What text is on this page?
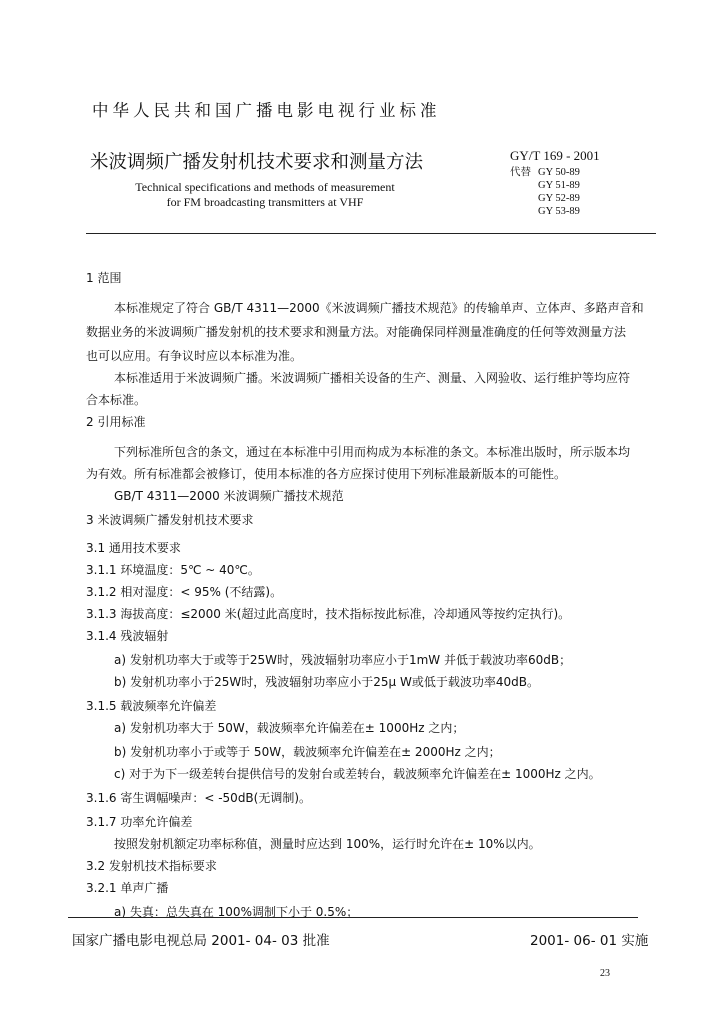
中华人民共和国广播电影电视行业标准
米波调频广播发射机技术要求和测量方法
Technical specifications and methods of measurement
for FM broadcasting transmitters at VHF
GY/T 169 - 2001
代替 GY 50-89
GY 51-89
GY 52-89
GY 53-89
1 范围
本标准规定了符合 GB/T 4311—2000《米波调频广播技术规范》的传输单声、立体声、多路声音和
数据业务的米波调频广播发射机的技术要求和测量方法。对能确保同样测量准确度的任何等效测量方法
也可以应用。有争议时应以本标准为准。
本标准适用于米波调频广播。米波调频广播相关设备的生产、测量、入网验收、运行维护等均应符
合本标准。
2 引用标准
下列标准所包含的条文，通过在本标准中引用而构成为本标准的条文。本标准出版时，所示版本均
为有效。所有标准都会被修订，使用本标准的各方应探讨使用下列标准最新版本的可能性。
GB/T 4311—2000 米波调频广播技术规范
3 米波调频广播发射机技术要求
3.1 通用技术要求
3.1.1 环境温度：5℃ ~ 40℃。
3.1.2 相对湿度：< 95% (不结露)。
3.1.3 海拔高度：≤2000 米(超过此高度时，技术指标按此标准，冷却通风等按约定执行)。
3.1.4 残波辐射
a) 发射机功率大于或等于25W时，残波辐射功率应小于1mW 并低于载波功率60dB；
b) 发射机功率小于25W时，残波辐射功率应小于25μ W或低于载波功率40dB。
3.1.5 载波频率允许偏差
a) 发射机功率大于 50W，载波频率允许偏差在± 1000Hz 之内；
b) 发射机功率小于或等于 50W，载波频率允许偏差在± 2000Hz 之内；
c) 对于为下一级差转台提供信号的发射台或差转台，载波频率允许偏差在± 1000Hz 之内。
3.1.6 寄生调幅噪声：< -50dB(无调制)。
3.1.7 功率允许偏差
按照发射机额定功率标称值，测量时应达到 100%，运行时允许在± 10%以内。
3.2 发射机技术指标要求
3.2.1 单声广播
a) 失真：总失真在 100%调制下小于 0.5%；
国家广播电影电视总局 2001- 04- 03 批准	2001- 06- 01 实施
23
